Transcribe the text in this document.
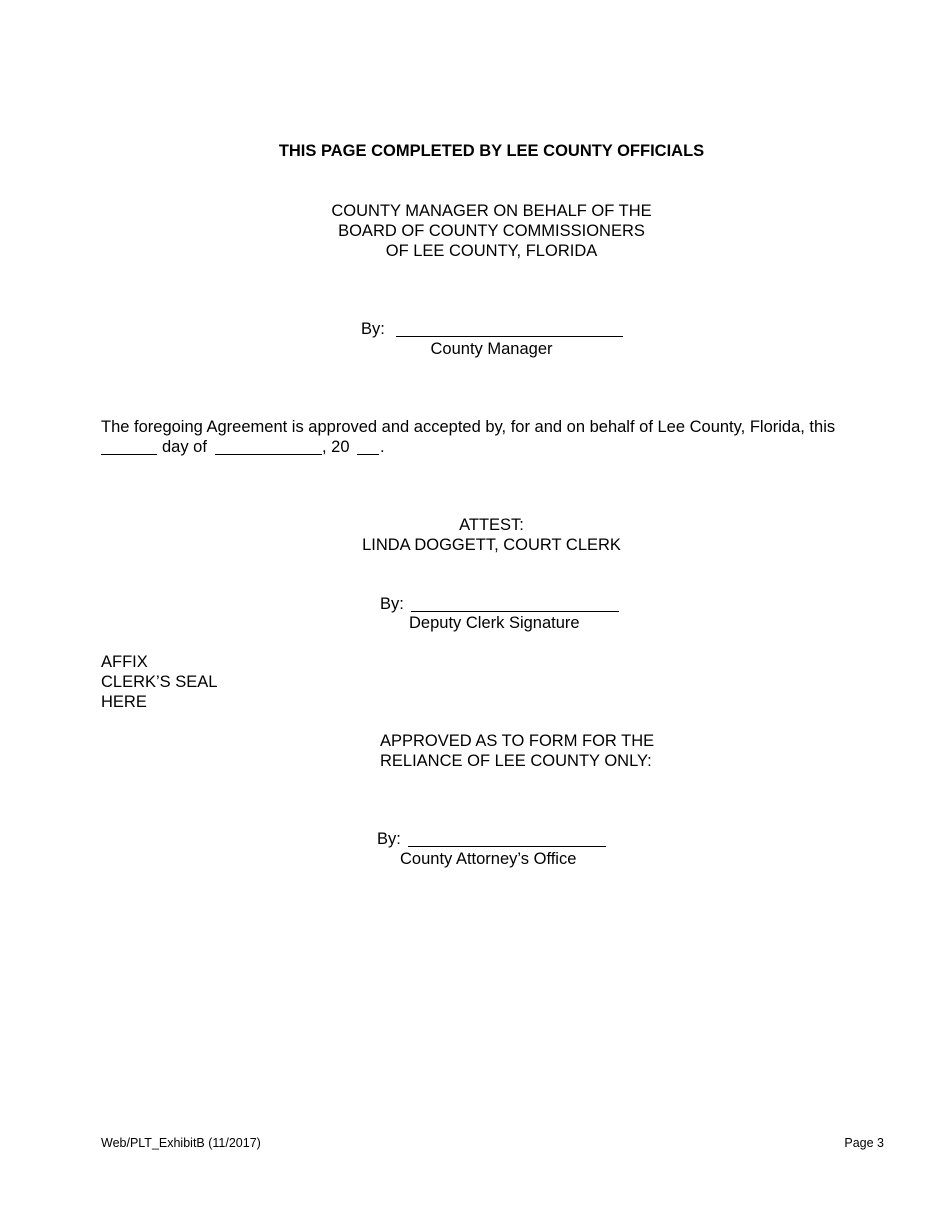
THIS PAGE COMPLETED BY LEE COUNTY OFFICIALS
COUNTY MANAGER ON BEHALF OF THE
BOARD OF COUNTY COMMISSIONERS
OF LEE COUNTY, FLORIDA
By:
County Manager
The foregoing Agreement is approved and accepted by, for and on behalf of Lee County, Florida, this
day of	, 20 .
ATTEST:
LINDA DOGGETT, COURT CLERK
By:
Deputy Clerk Signature
AFFIX
CLERK’S SEAL
HERE
APPROVED AS TO FORM FOR THE
RELIANCE OF LEE COUNTY ONLY:
By:
County Attorney’s Office
Web/PLT_ExhibitB (11/2017)	Page 3
